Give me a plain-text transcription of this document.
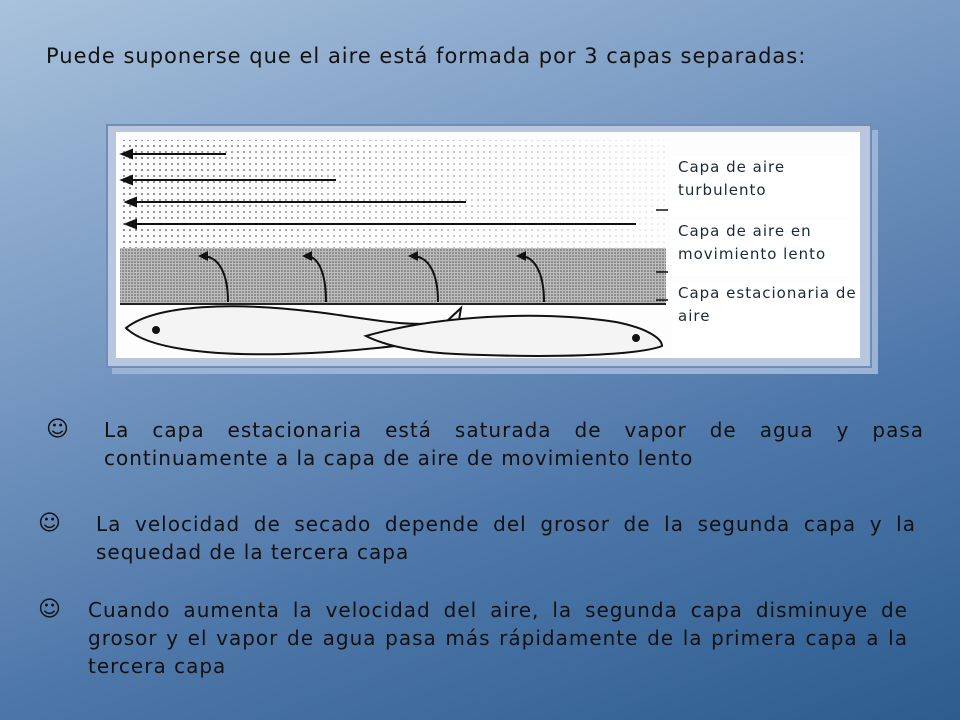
Puede suponerse que el aire está formada por 3 capas separadas:
Capa de aire turbulento
Capa de aire en movimiento lento
Capa estacionaria de aire
☺ La capa estacionaria está saturada de vapor de agua y pasa continuamente a la capa de aire de movimiento lento
☺ La velocidad de secado depende del grosor de la segunda capa y la sequedad de la tercera capa
☺ Cuando aumenta la velocidad del aire, la segunda capa disminuye de grosor y el vapor de agua pasa más rápidamente de la primera capa a la tercera capa
